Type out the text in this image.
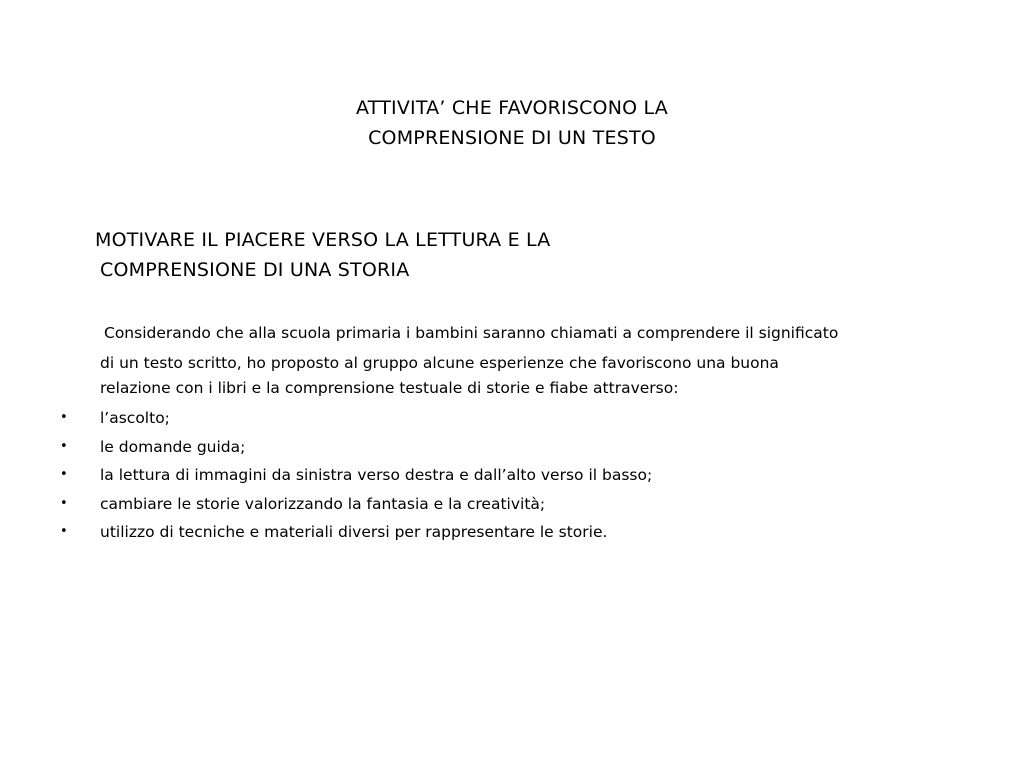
ATTIVITA’ CHE FAVORISCONO LA
COMPRENSIONE DI UN TESTO
MOTIVARE IL PIACERE VERSO LA LETTURA E LA
COMPRENSIONE DI UNA STORIA
Considerando che alla scuola primaria i bambini saranno chiamati a comprendere il significato
di un testo scritto, ho proposto al gruppo alcune esperienze che favoriscono una buona
relazione con i libri e la comprensione testuale di storie e fiabe attraverso:
• l’ascolto;
• le domande guida;
• la lettura di immagini da sinistra verso destra e dall’alto verso il basso;
• cambiare le storie valorizzando la fantasia e la creatività;
• utilizzo di tecniche e materiali diversi per rappresentare le storie.
